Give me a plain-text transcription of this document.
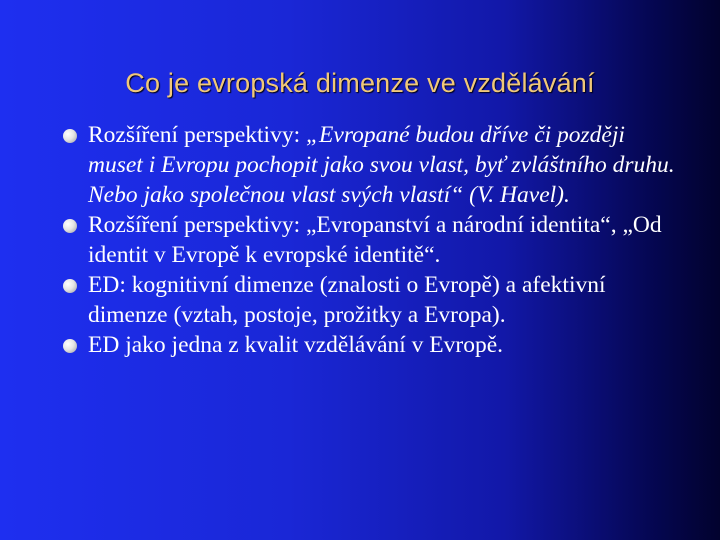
Co je evropská dimenze ve vzdělávání
Rozšíření perspektivy: „Evropané budou dříve či později muset i Evropu pochopit jako svou vlast, byť zvláštního druhu. Nebo jako společnou vlast svých vlastí“ (V. Havel).
Rozšíření perspektivy: „Evropanství a národní identita“, „Od identit v Evropě k evropské identitě“.
ED: kognitivní dimenze (znalosti o Evropě) a afektivní dimenze (vztah, postoje, prožitky a Evropa).
ED jako jedna z kvalit vzdělávání v Evropě.
